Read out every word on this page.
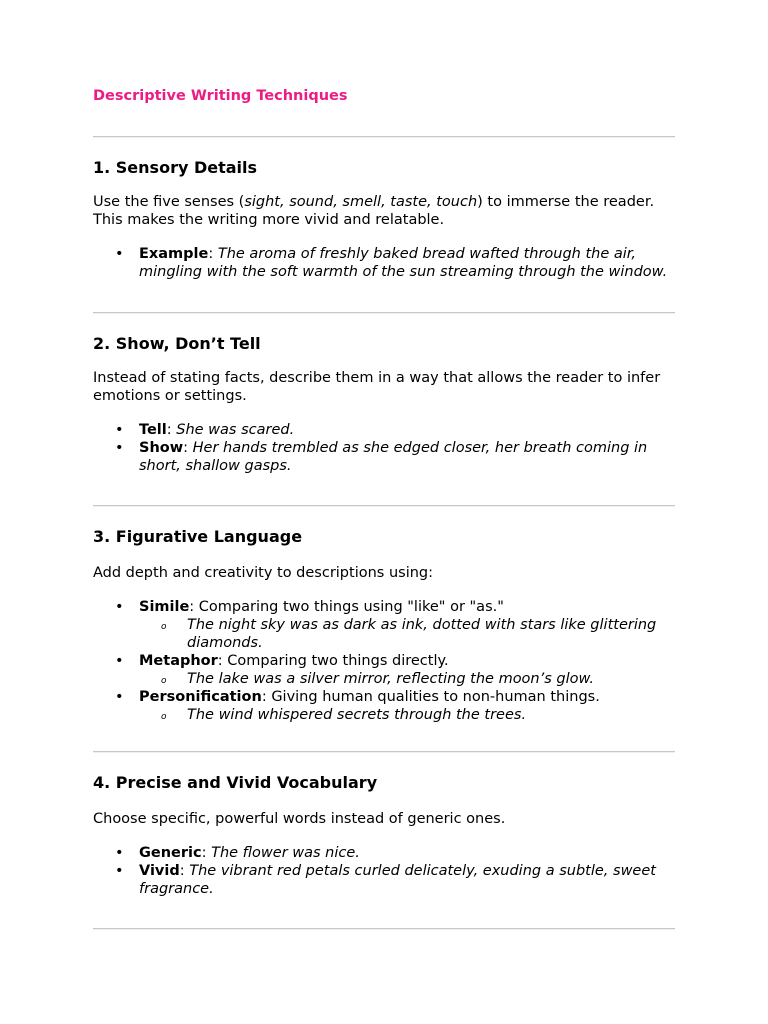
Descriptive Writing Techniques
1. Sensory Details

Use the five senses (sight, sound, smell, taste, touch) to immerse the reader. This makes the writing more vivid and relatable.

• Example: The aroma of freshly baked bread wafted through the air, mingling with the soft warmth of the sun streaming through the window.
2. Show, Don’t Tell

Instead of stating facts, describe them in a way that allows the reader to infer emotions or settings.

• Tell: She was scared.
• Show: Her hands trembled as she edged closer, her breath coming in short, shallow gasps.
3. Figurative Language

Add depth and creativity to descriptions using:

• Simile: Comparing two things using "like" or "as."
o The night sky was as dark as ink, dotted with stars like glittering diamonds.
• Metaphor: Comparing two things directly.
o The lake was a silver mirror, reflecting the moon’s glow.
• Personification: Giving human qualities to non-human things.
o The wind whispered secrets through the trees.
4. Precise and Vivid Vocabulary

Choose specific, powerful words instead of generic ones.

• Generic: The flower was nice.
• Vivid: The vibrant red petals curled delicately, exuding a subtle, sweet fragrance.
